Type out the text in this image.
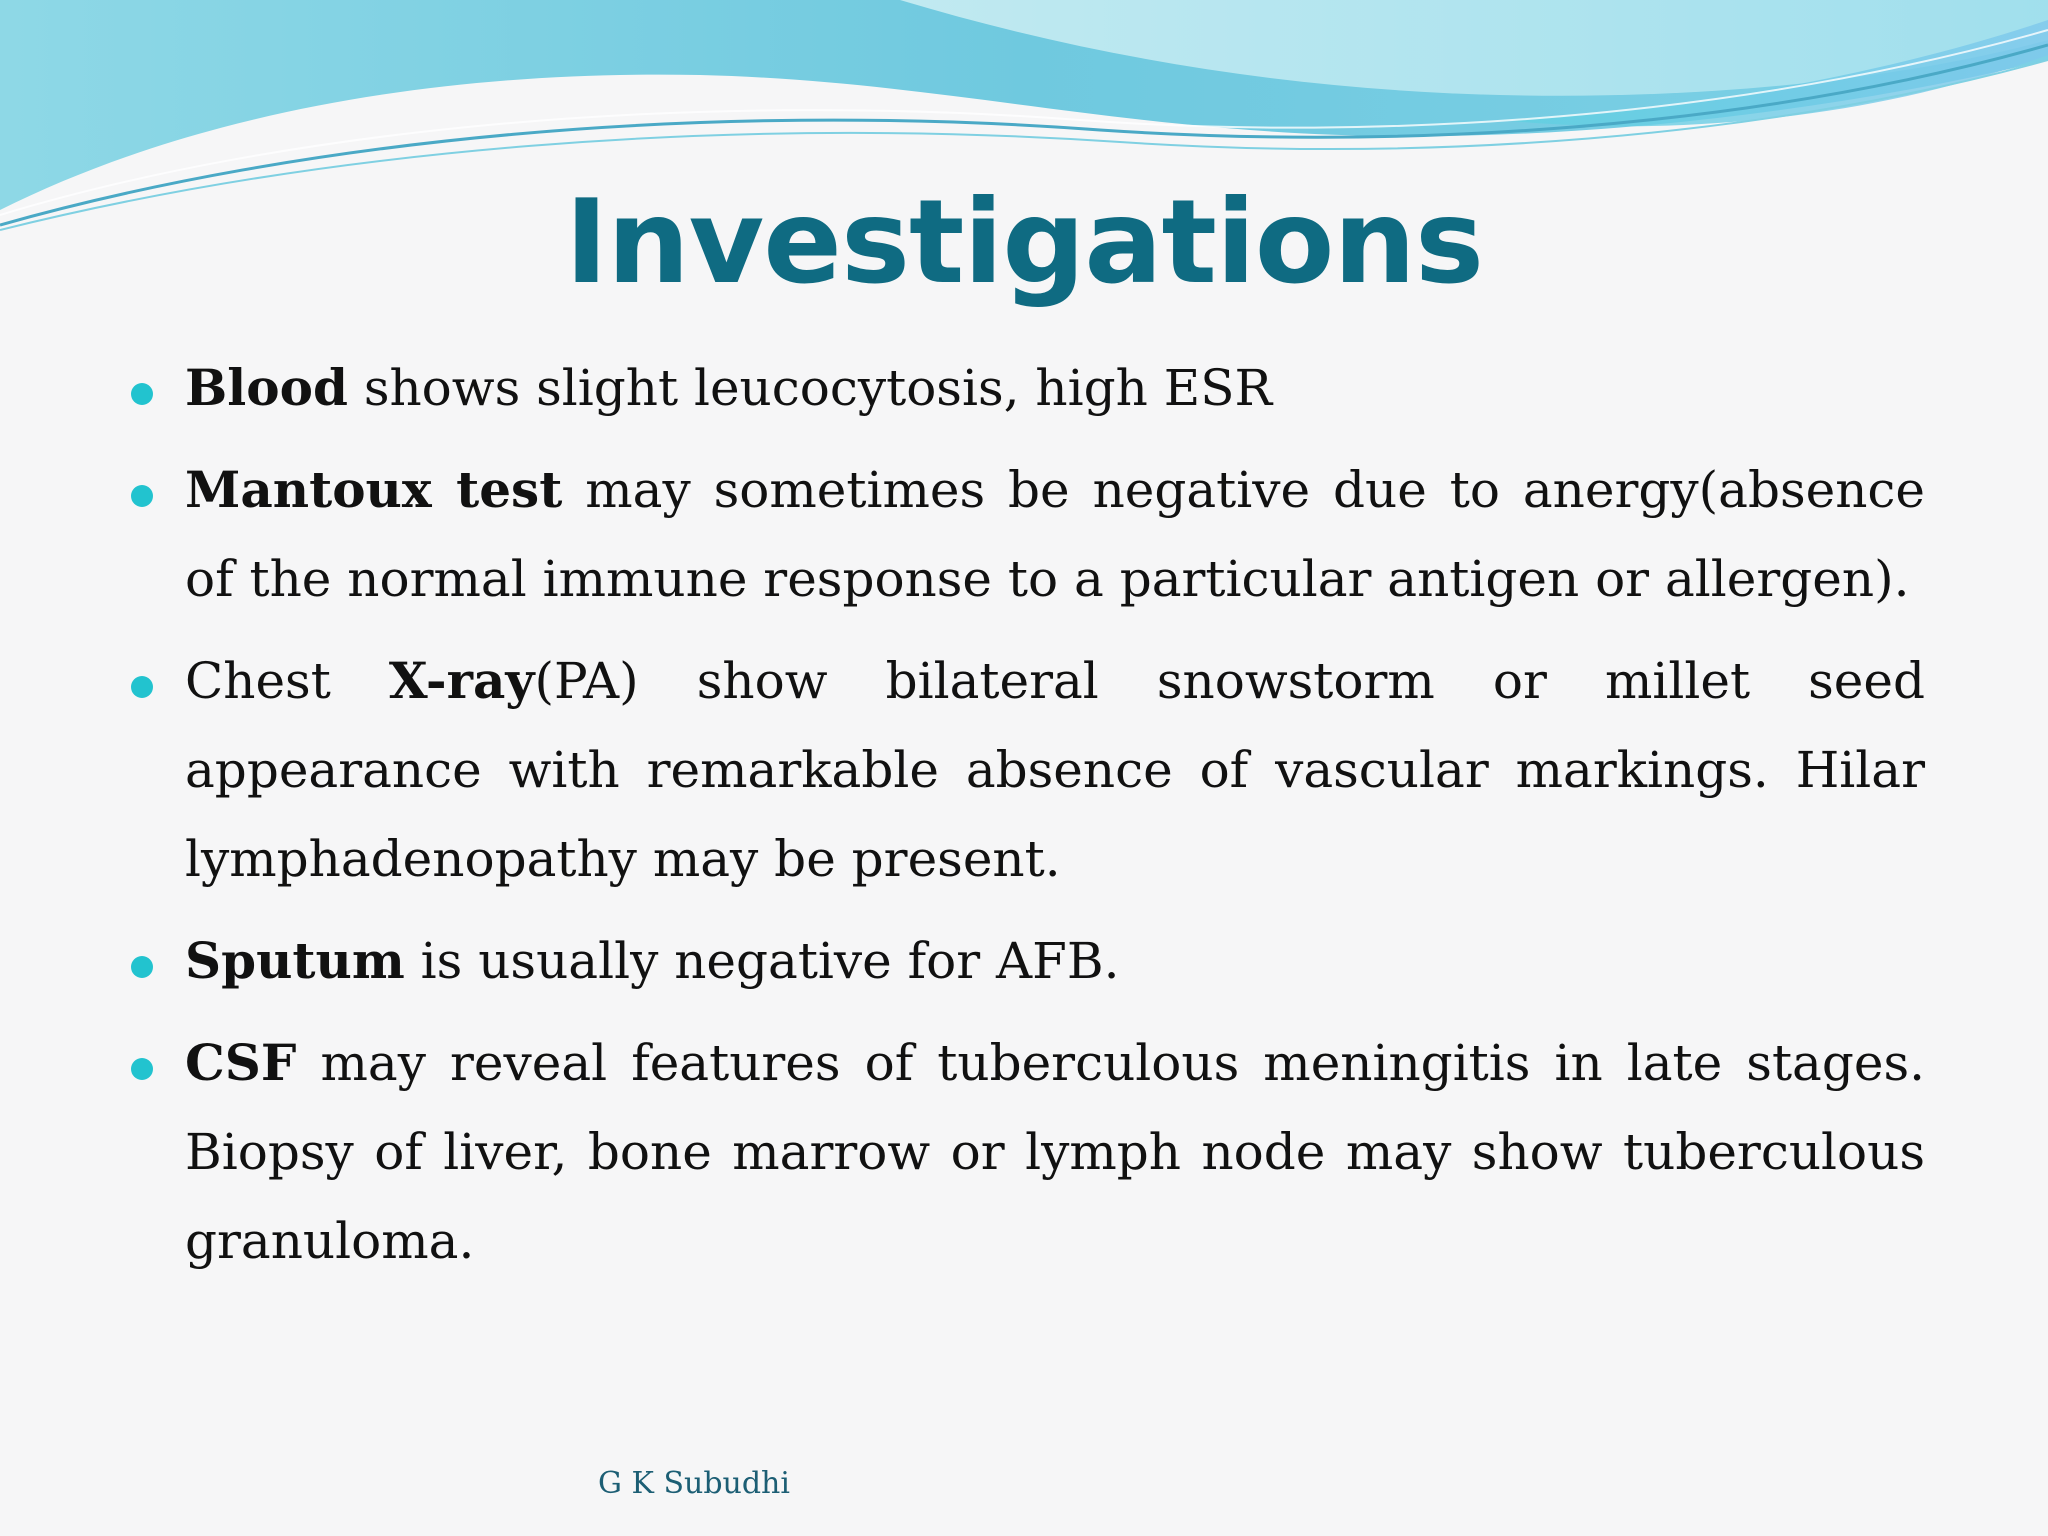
Investigations
Blood shows slight leucocytosis, high ESR
Mantoux test may sometimes be negative due to anergy(absence of the normal immune response to a particular antigen or allergen).
Chest X-ray(PA) show bilateral snowstorm or millet seed appearance with remarkable absence of vascular markings. Hilar lymphadenopathy may be present.
Sputum is usually negative for AFB.
CSF may reveal features of tuberculous meningitis in late stages. Biopsy of liver, bone marrow or lymph node may show tuberculous granuloma.
G K Subudhi
